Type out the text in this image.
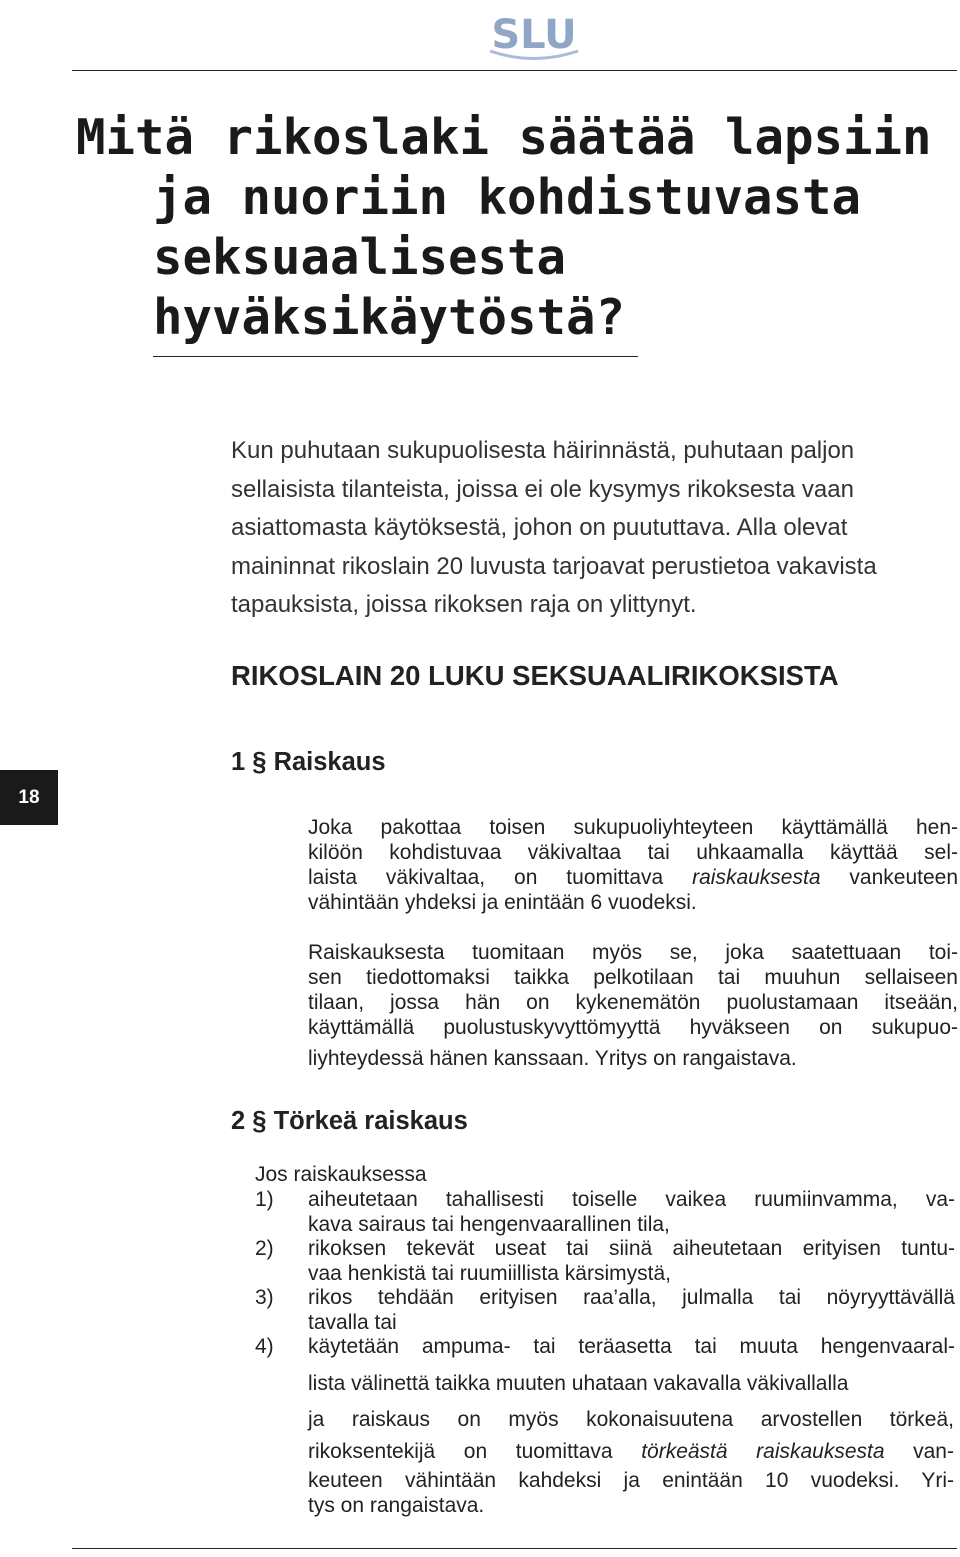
SLU
Mitä rikoslaki säätää lapsiin
ja nuoriin kohdistuvasta
seksuaalisesta
hyväksikäytöstä?

Kun puhutaan sukupuolisesta häirinnästä, puhutaan paljon
sellaisista tilanteista, joissa ei ole kysymys rikoksesta vaan
asiattomasta käytöksestä, johon on puututtava. Alla olevat
maininnat rikoslain 20 luvusta tarjoavat perustietoa vakavista
tapauksista, joissa rikoksen raja on ylittynyt.

RIKOSLAIN 20 LUKU SEKSUAALIRIKOKSISTA
18
1 § Raiskaus

Joka pakottaa toisen sukupuoliyhteyteen käyttämällä hen-
kilöön kohdistuvaa väkivaltaa tai uhkaamalla käyttää sel-
laista väkivaltaa, on tuomittava raiskauksesta vankeuteen
vähintään yhdeksi ja enintään 6 vuodeksi.

Raiskauksesta tuomitaan myös se, joka saatettuaan toi-
sen tiedottomaksi taikka pelkotilaan tai muuhun sellaiseen
tilaan, jossa hän on kykenemätön puolustamaan itseään,
käyttämällä puolustuskyvyttömyyttä hyväkseen on sukupuo-
liyhteydessä hänen kanssaan. Yritys on rangaistava.

2 § Törkeä raiskaus
Jos raiskauksessa
1) aiheutetaan tahallisesti toiselle vaikea ruumiinvamma, va-
kava sairaus tai hengenvaarallinen tila,
2) rikoksen tekevät useat tai siinä aiheutetaan erityisen tuntu-
vaa henkistä tai ruumiillista kärsimystä,
3) rikos tehdään erityisen raa’alla, julmalla tai nöyryyttävällä
tavalla tai
4) käytetään ampuma- tai teräasetta tai muuta hengenvaaral-
lista välinettä taikka muuten uhataan vakavalla väkivallalla

ja raiskaus on myös kokonaisuutena arvostellen törkeä,
rikoksentekijä on tuomittava törkeästä raiskauksesta van-
keuteen vähintään kahdeksi ja enintään 10 vuodeksi. Yri-
tys on rangaistava.
